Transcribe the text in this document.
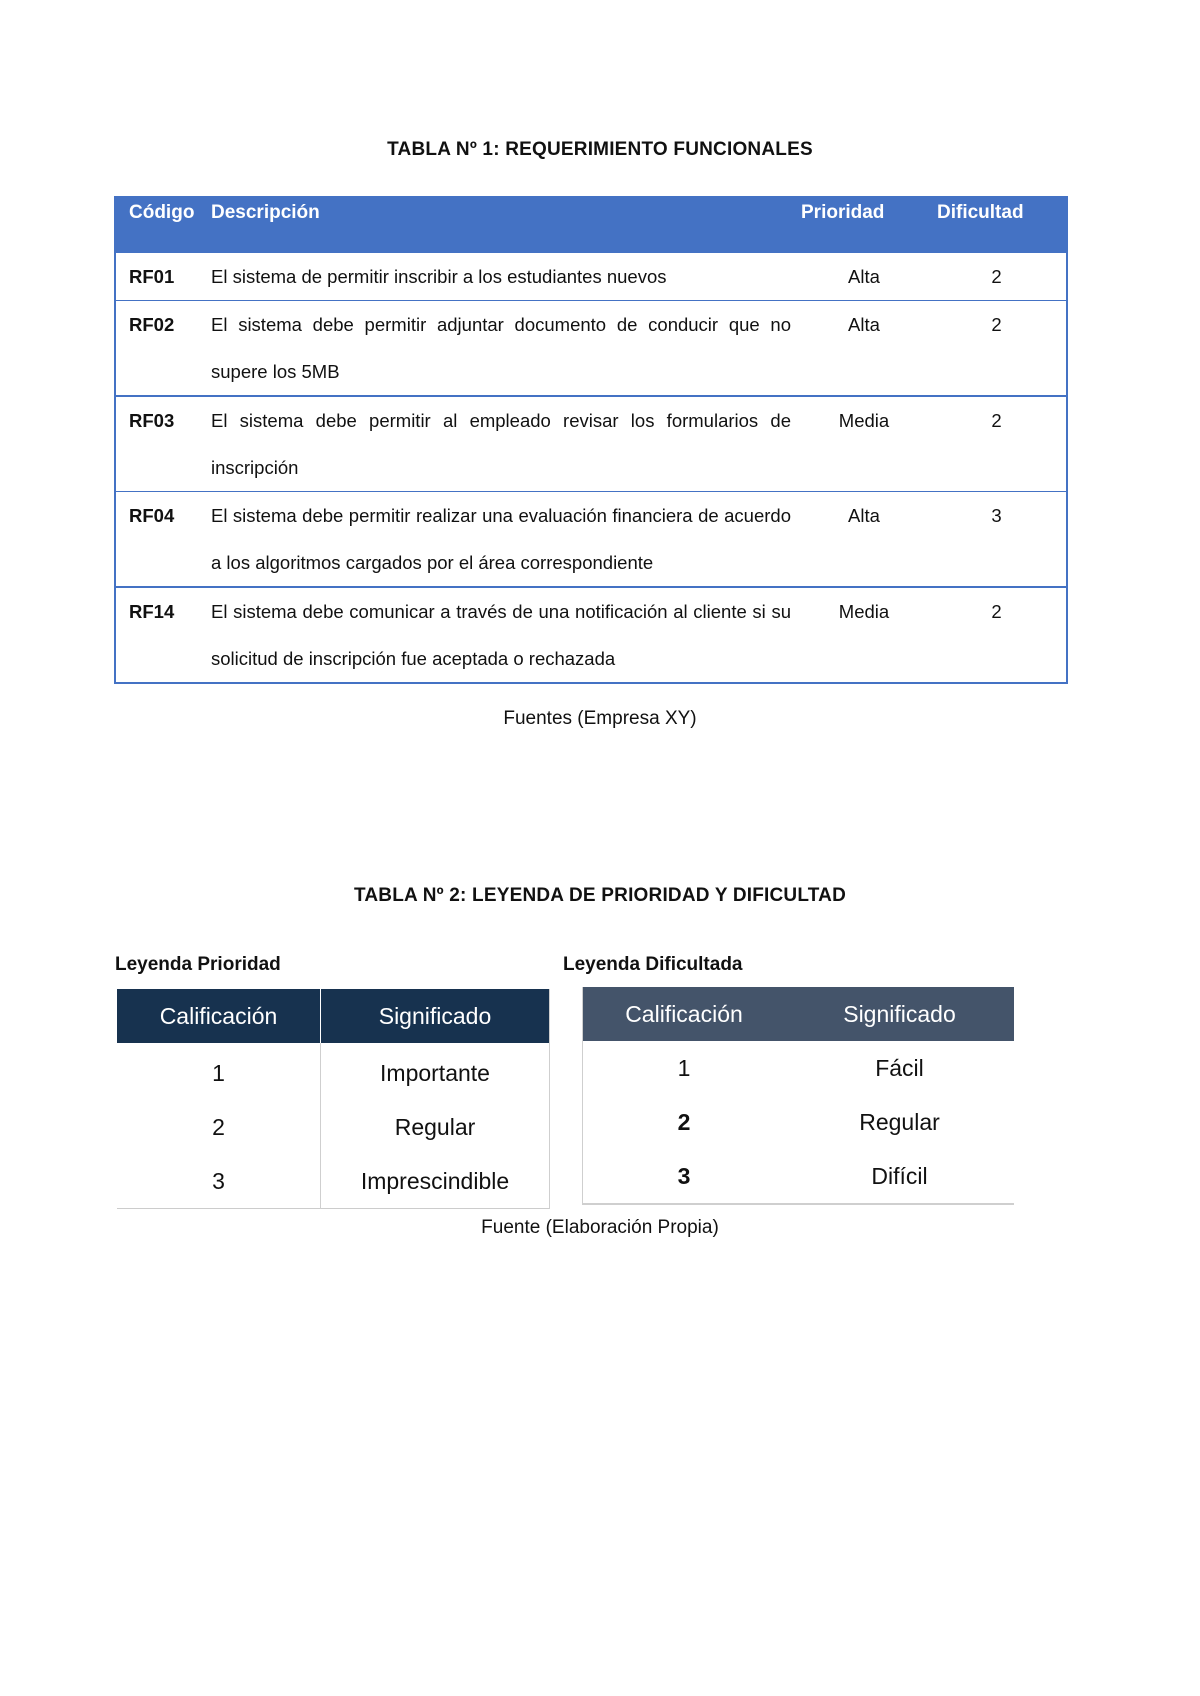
TABLA Nº 1: REQUERIMIENTO FUNCIONALES
Código	Descripción	Prioridad	Dificultad
RF01	El sistema de permitir inscribir a los estudiantes nuevos	Alta	2
RF02	El sistema debe permitir adjuntar documento de conducir que no supere los 5MB	Alta	2
RF03	El sistema debe permitir al empleado revisar los formularios de inscripción	Media	2
RF04	El sistema debe permitir realizar una evaluación financiera de acuerdo a los algoritmos cargados por el área correspondiente	Alta	3
RF14	El sistema debe comunicar a través de una notificación al cliente si su solicitud de inscripción fue aceptada o rechazada	Media	2
Fuentes (Empresa XY)
TABLA Nº 2: LEYENDA DE PRIORIDAD Y DIFICULTAD
Leyenda Prioridad	Leyenda Dificultada
Calificación	Significado
1	Importante
2	Regular
3	Imprescindible
Calificación	Significado
1	Fácil
2	Regular
3	Difícil
Fuente (Elaboración Propia)
